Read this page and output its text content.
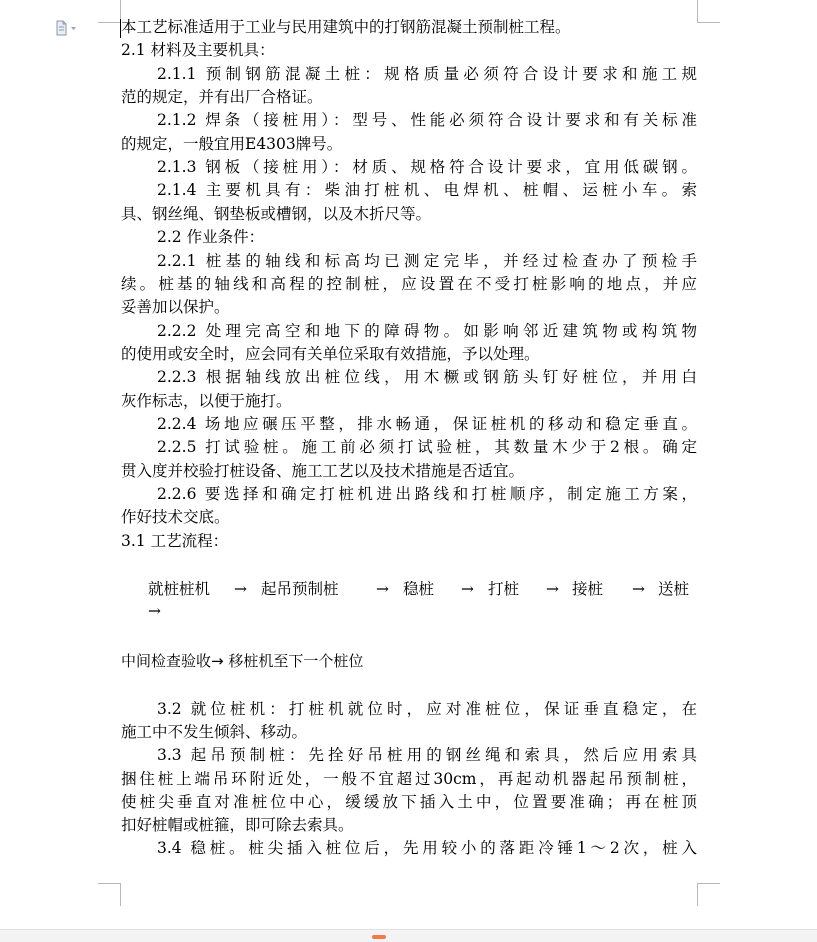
本工艺标准适用于工业与民用建筑中的打钢筋混凝土预制桩工程。

2.1 材料及主要机具：

2.1.1 预制钢筋混凝土桩：规格质量必须符合设计要求和施工规

范的规定，并有出厂合格证。

2.1.2 焊条（接桩用）：型号、性能必须符合设计要求和有关标准

的规定，一般宜用E4303牌号。

2.1.3 钢板（接桩用）：材质、规格符合设计要求，宜用低碳钢。

2.1.4 主要机具有：柴油打桩机、电焊机、桩帽、运桩小车。索

具、钢丝绳、钢垫板或槽钢，以及木折尺等。

2.2 作业条件：

2.2.1 桩基的轴线和标高均已测定完毕，并经过检查办了预检手

续。桩基的轴线和高程的控制桩，应设置在不受打桩影响的地点，并应

妥善加以保护。

2.2.2 处理完高空和地下的障碍物。如影响邻近建筑物或构筑物

的使用或安全时，应会同有关单位采取有效措施，予以处理。

2.2.3 根据轴线放出桩位线，用木橛或钢筋头钉好桩位，并用白

灰作标志，以便于施打。

2.2.4 场地应碾压平整，排水畅通，保证桩机的移动和稳定垂直。

2.2.5 打试验桩。施工前必须打试验桩，其数量木少于2根。确定

贯入度并校验打桩设备、施工工艺以及技术措施是否适宜。

2.2.6 要选择和确定打桩机进出路线和打桩顺序，制定施工方案，

作好技术交底。

3.1 工艺流程：

就桩桩机 → 起吊预制桩 → 稳桩 → 打桩 → 接桩 → 送桩
→
中间检查验收→ 移桩机至下一个桩位

3.2 就位桩机：打桩机就位时，应对准桩位，保证垂直稳定，在

施工中不发生倾斜、移动。

3.3 起吊预制桩：先拴好吊桩用的钢丝绳和索具，然后应用索具

捆住桩上端吊环附近处，一般不宜超过30cm，再起动机器起吊预制桩，

使桩尖垂直对准桩位中心，缓缓放下插入土中，位置要准确；再在桩顶

扣好桩帽或桩箍，即可除去索具。

3.4 稳桩。桩尖插入桩位后，先用较小的落距冷锤1～2次，桩入
